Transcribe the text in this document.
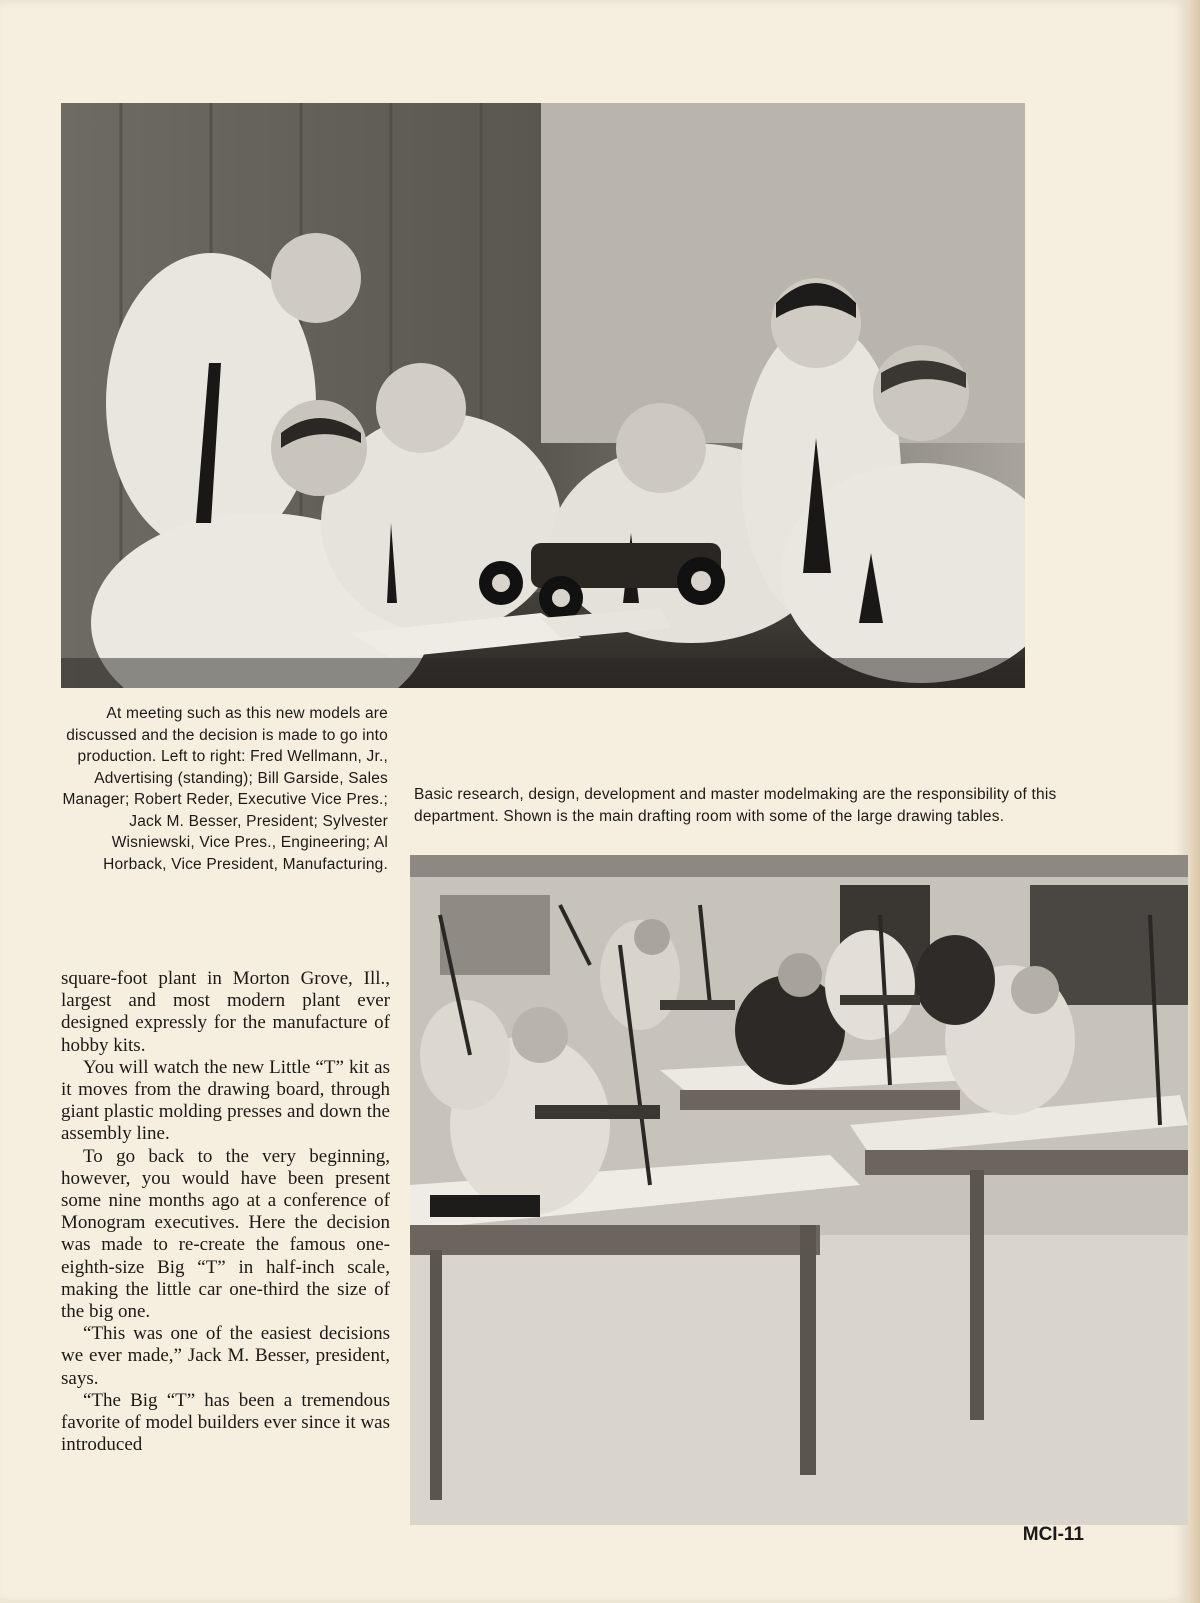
At meeting such as this new models are discussed and the decision is made to go into production. Left to right: Fred Wellmann, Jr., Advertising (standing); Bill Garside, Sales Manager; Robert Reder, Executive Vice Pres.; Jack M. Besser, President; Sylvester Wisniewski, Vice Pres., Engineering; Al Horback, Vice President, Manufacturing.
Basic research, design, development and master modelmaking are the responsibility of this department. Shown is the main drafting room with some of the large drawing tables.

square-foot plant in Morton Grove, Ill., largest and most modern plant ever designed expressly for the manufacture of hobby kits.

You will watch the new Little “T” kit as it moves from the drawing board, through giant plastic molding presses and down the assembly line.

To go back to the very beginning, however, you would have been present some nine months ago at a conference of Monogram executives. Here the decision was made to re-create the famous one-eighth-size Big “T” in half-inch scale, making the little car one-third the size of the big one.

“This was one of the easiest decisions we ever made,” Jack M. Besser, president, says.

“The Big “T” has been a tremendous favorite of model builders ever since it was introduced

MCI-11
